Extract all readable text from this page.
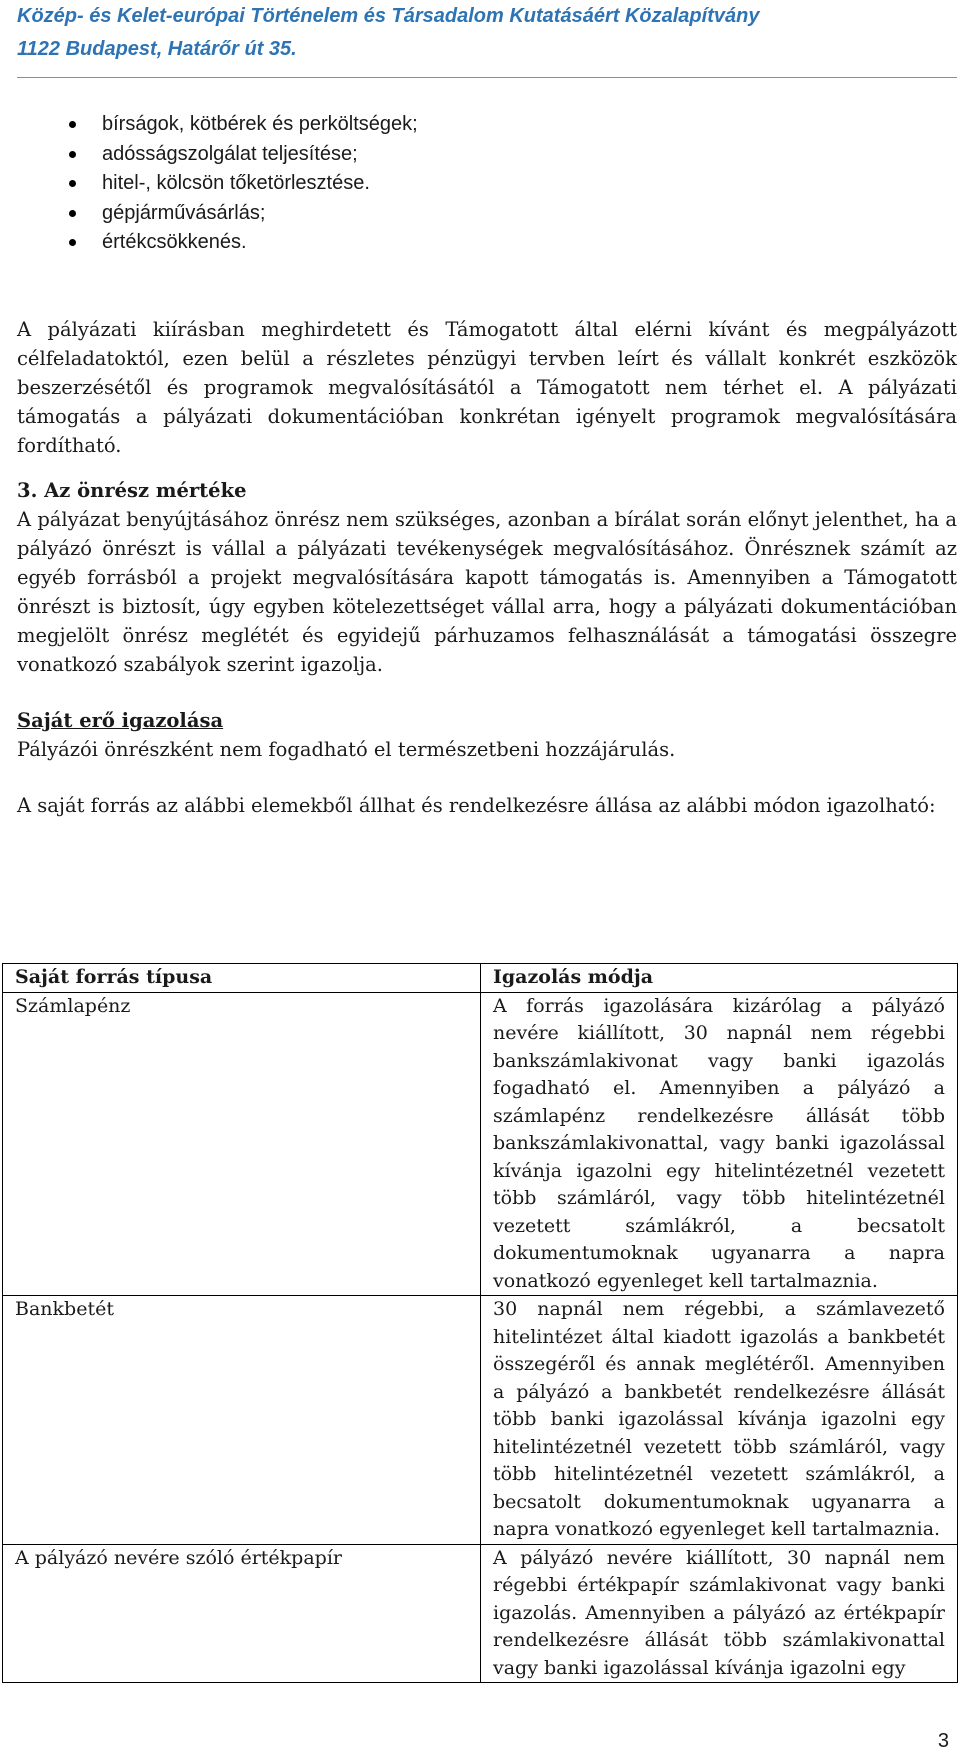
Közép- és Kelet-európai Történelem és Társadalom Kutatásáért Közalapítvány
1122 Budapest, Határőr út 35.
bírságok, kötbérek és perköltségek;
adósságszolgálat teljesítése;
hitel-, kölcsön tőketörlesztése.
gépjárművásárlás;
értékcsökkenés.

A pályázati kiírásban meghirdetett és Támogatott által elérni kívánt és megpályázott célfeladatoktól, ezen belül a részletes pénzügyi tervben leírt és vállalt konkrét eszközök beszerzésétől és programok megvalósításától a Támogatott nem térhet el. A pályázati támogatás a pályázati dokumentációban konkrétan igényelt programok megvalósítására fordítható.

3. Az önrész mértéke

A pályázat benyújtásához önrész nem szükséges, azonban a bírálat során előnyt jelenthet, ha a pályázó önrészt is vállal a pályázati tevékenységek megvalósításához. Önrésznek számít az egyéb forrásból a projekt megvalósítására kapott támogatás is. Amennyiben a Támogatott önrészt is biztosít, úgy egyben kötelezettséget vállal arra, hogy a pályázati dokumentációban megjelölt önrész meglétét és egyidejű párhuzamos felhasználását a támogatási összegre vonatkozó szabályok szerint igazolja.

Saját erő igazolása

Pályázói önrészként nem fogadható el természetbeni hozzájárulás.

A saját forrás az alábbi elemekből állhat és rendelkezésre állása az alábbi módon igazolható:

Saját forrás típusa	Igazolás módja
Számlapénz	A forrás igazolására kizárólag a pályázó nevére kiállított, 30 napnál nem régebbi bankszámlakivonat vagy banki igazolás fogadható el. Amennyiben a pályázó a számlapénz rendelkezésre állását több bankszámlakivonattal, vagy banki igazolással kívánja igazolni egy hitelintézetnél vezetett több számláról, vagy több hitelintézetnél vezetett számlákról, a becsatolt dokumentumoknak ugyanarra a napra vonatkozó egyenleget kell tartalmaznia.
Bankbetét	30 napnál nem régebbi, a számlavezető hitelintézet által kiadott igazolás a bankbetét összegéről és annak meglétéről. Amennyiben a pályázó a bankbetét rendelkezésre állását több banki igazolással kívánja igazolni egy hitelintézetnél vezetett több számláról, vagy több hitelintézetnél vezetett számlákról, a becsatolt dokumentumoknak ugyanarra a napra vonatkozó egyenleget kell tartalmaznia.
A pályázó nevére szóló értékpapír	A pályázó nevére kiállított, 30 napnál nem régebbi értékpapír számlakivonat vagy banki igazolás. Amennyiben a pályázó az értékpapír rendelkezésre állását több számlakivonattal vagy banki igazolással kívánja igazolni egy
3
